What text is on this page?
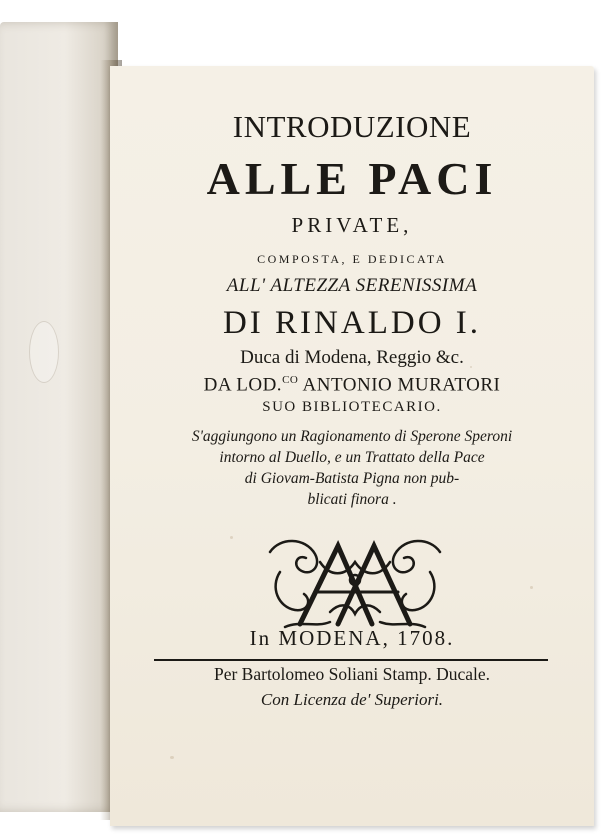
INTRODUZIONE
ALLE PACI
PRIVATE,
COMPOSTA, E DEDICATA
ALL' ALTEZZA SERENISSIMA
DI RINALDO I.
Duca di Modena, Reggio &c.
DA LOD.$^{CO}$ ANTONIO MURATORI
SUO BIBLIOTECARIO.
S'aggiungono un Ragionamento di Sperone Speroni
intorno al Duello, e un Trattato della Pace
di Giovam-Batista Pigna non pub-
blicati finora .
In MODENA, 1708.
Per Bartolomeo Soliani Stamp. Ducale.
Con Licenza de' Superiori.
